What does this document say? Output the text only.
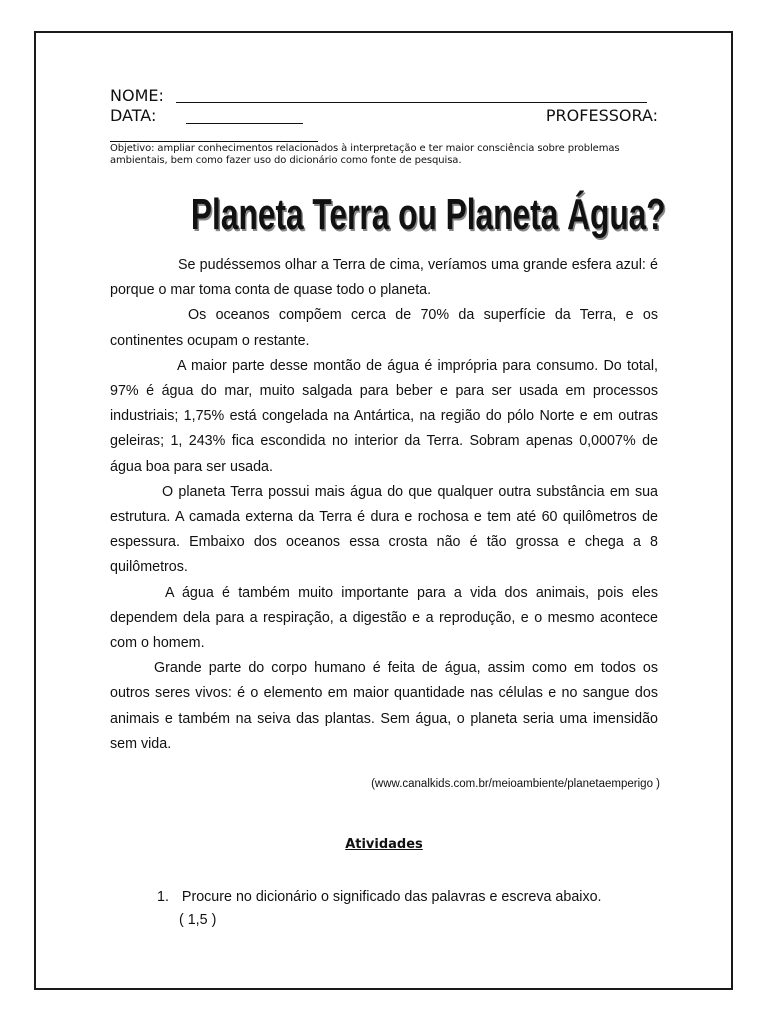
NOME:
DATA:	PROFESSORA:
Objetivo: ampliar conhecimentos relacionados à interpretação e ter maior consciência sobre problemas ambientais, bem como fazer uso do dicionário como fonte de pesquisa.
Planeta Terra ou Planeta Água?

Se pudéssemos olhar a Terra de cima, veríamos uma grande esfera azul: é porque o mar toma conta de quase todo o planeta.

Os oceanos compõem cerca de 70% da superfície da Terra, e os continentes ocupam o restante.

A maior parte desse montão de água é imprópria para consumo. Do total, 97% é água do mar, muito salgada para beber e para ser usada em processos industriais; 1,75% está congelada na Antártica, na região do pólo Norte e em outras geleiras; 1, 243% fica escondida no interior da Terra. Sobram apenas 0,0007% de água boa para ser usada.

O planeta Terra possui mais água do que qualquer outra substância em sua estrutura. A camada externa da Terra é dura e rochosa e tem até 60 quilômetros de espessura. Embaixo dos oceanos essa crosta não é tão grossa e chega a 8 quilômetros.

A água é também muito importante para a vida dos animais, pois eles dependem dela para a respiração, a digestão e a reprodução, e o mesmo acontece com o homem.

Grande parte do corpo humano é feita de água, assim como em todos os outros seres vivos: é o elemento em maior quantidade nas células e no sangue dos animais e também na seiva das plantas. Sem água, o planeta seria uma imensidão sem vida.

(www.canalkids.com.br/meioambiente/planetaemperigo )
Atividades
1. Procure no dicionário o significado das palavras e escreva abaixo.
( 1,5 )
